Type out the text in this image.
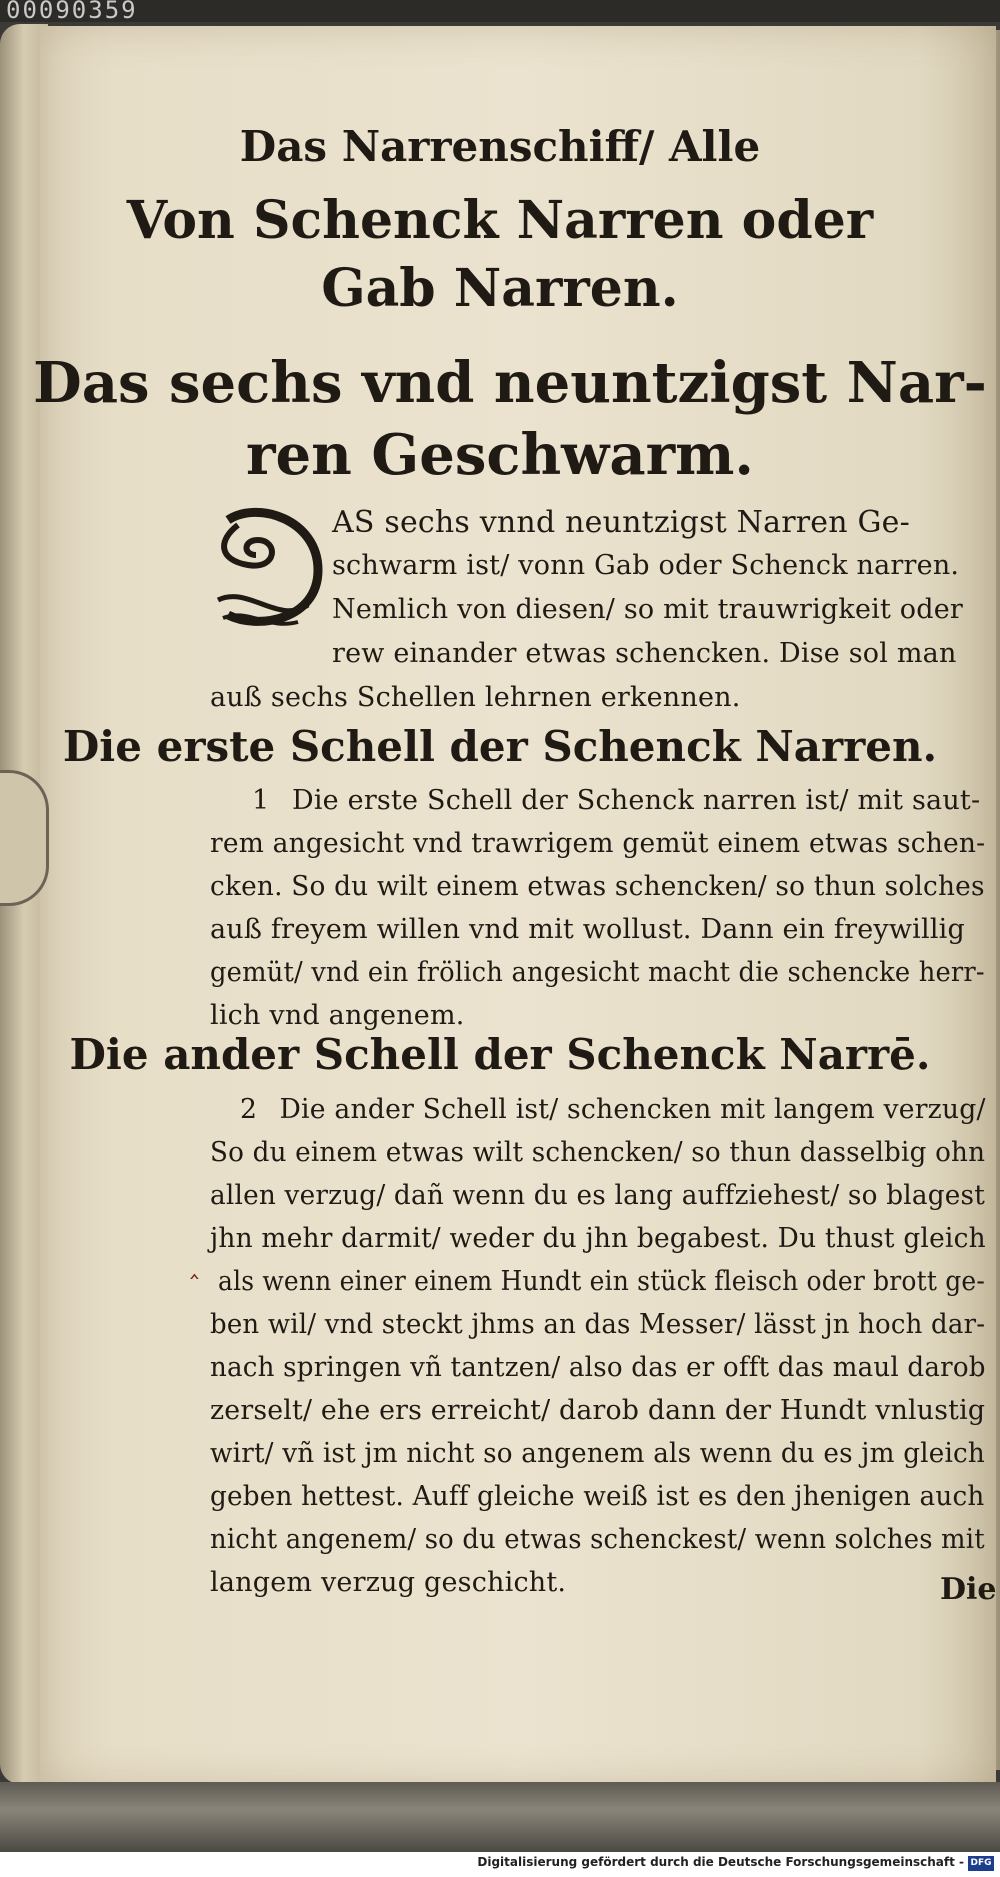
00090359
Das Narrenschiff/ Alle
Von Schenck Narren oder
Gab Narren.
Das sechs vnd neuntzigst Nar-
ren Geschwarm.
AS sechs vnnd neuntzigst Narren Ge-
schwarm ist/ vonn Gab oder Schenck narren.
Nemlich von diesen/ so mit trauwrigkeit oder
rew einander etwas schencken. Dise sol man
auß sechs Schellen lehrnen erkennen.
Die erste Schell der Schenck Narren.
1 Die erste Schell der Schenck narren ist/ mit saut-
rem angesicht vnd trawrigem gemüt einem etwas schen-
cken. So du wilt einem etwas schencken/ so thun solches
auß freyem willen vnd mit wollust. Dann ein freywillig
gemüt/ vnd ein frölich angesicht macht die schencke herr-
lich vnd angenem.
Die ander Schell der Schenck Narrē.
2 Die ander Schell ist/ schencken mit langem verzug/
So du einem etwas wilt schencken/ so thun dasselbig ohn
allen verzug/ dañ wenn du es lang auffziehest/ so blagest
jhn mehr darmit/ weder du jhn begabest. Du thust gleich
‸
als wenn einer einem Hundt ein stück fleisch oder brott ge-
ben wil/ vnd steckt jhms an das Messer/ lässt jn hoch dar-
nach springen vñ tantzen/ also das er offt das maul darob
zerselt/ ehe ers erreicht/ darob dann der Hundt vnlustig
wirt/ vñ ist jm nicht so angenem als wenn du es jm gleich
geben hettest. Auff gleiche weiß ist es den jhenigen auch
nicht angenem/ so du etwas schenckest/ wenn solches mit
langem verzug geschicht.	Die
Digitalisierung gefördert durch die Deutsche Forschungsgemeinschaft - DFG
